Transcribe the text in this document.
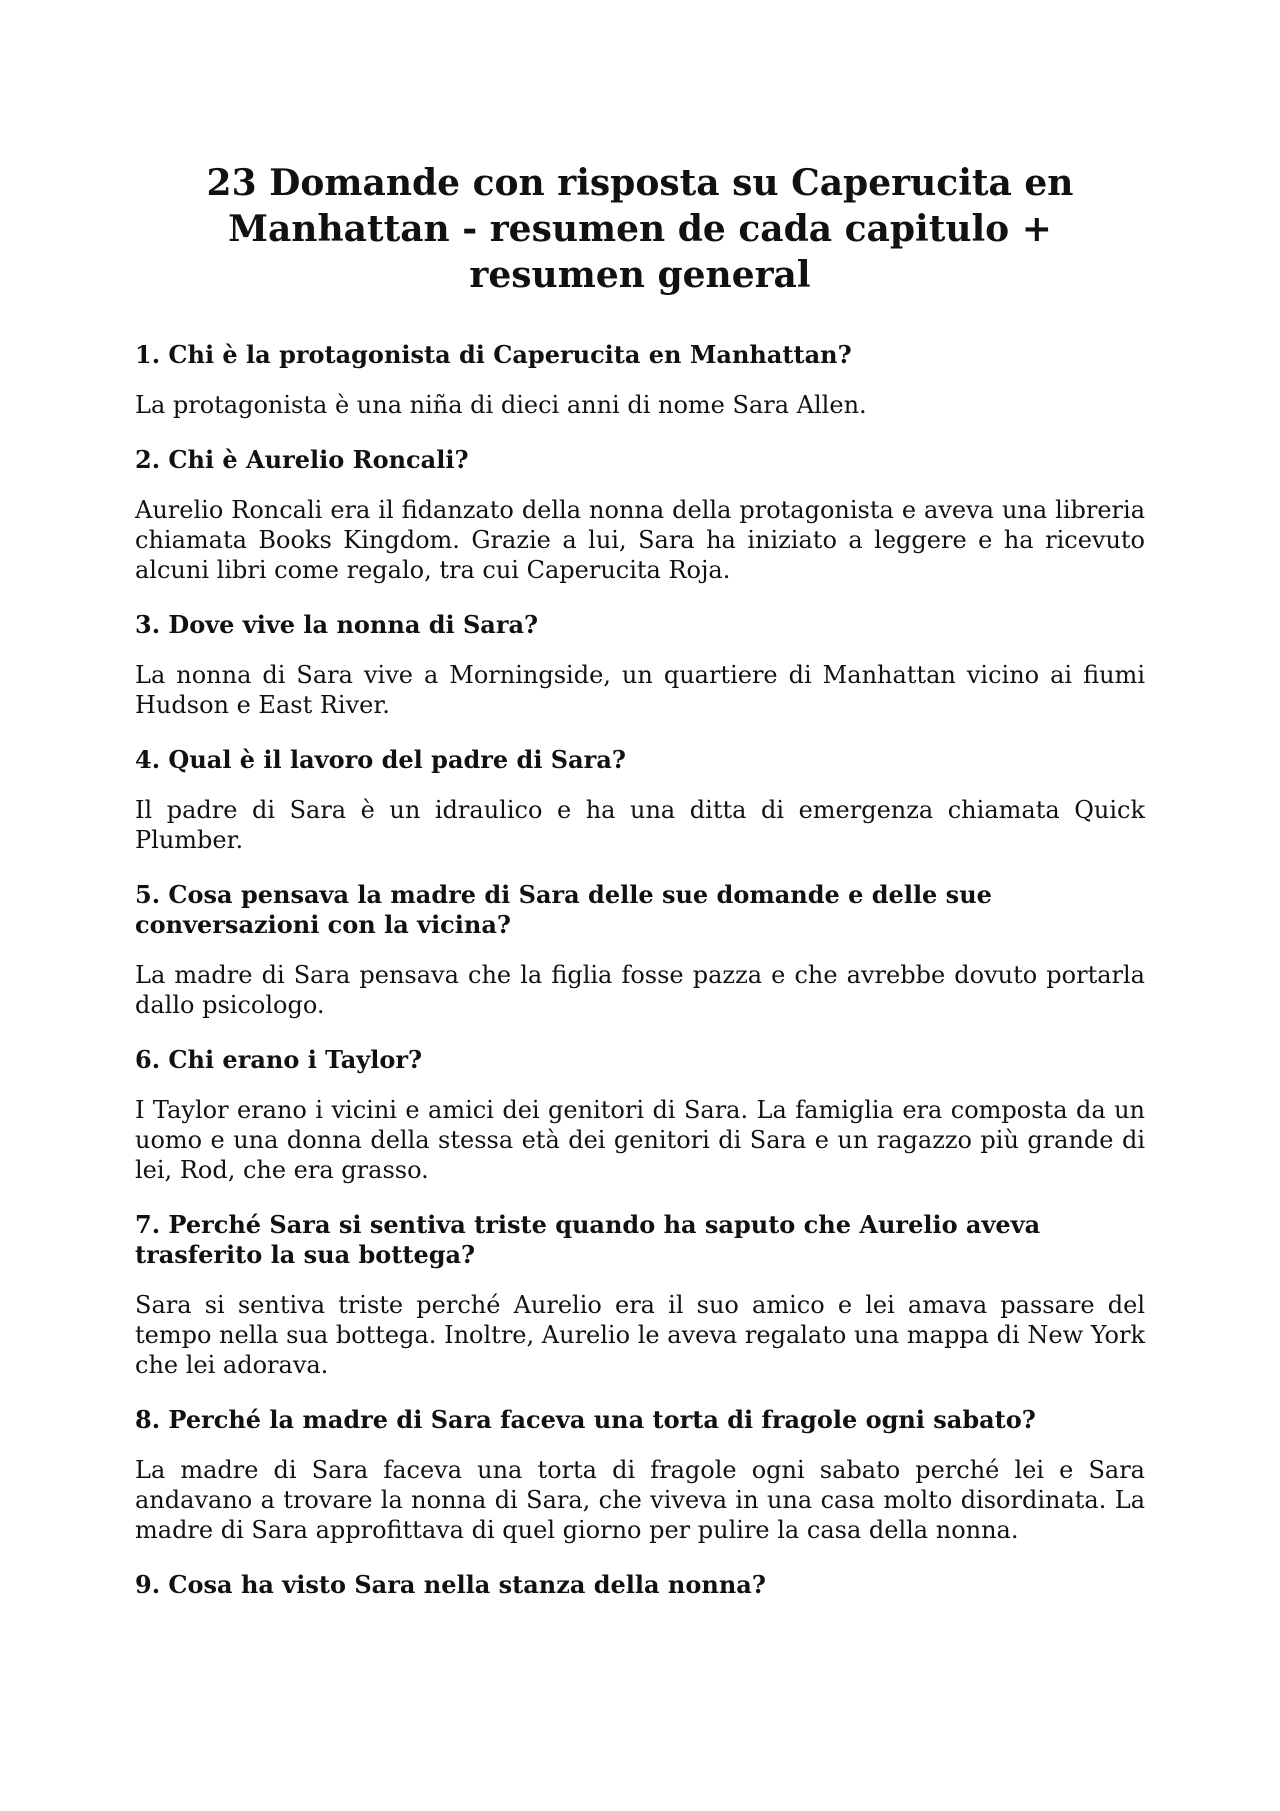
23 Domande con risposta su Caperucita en Manhattan - resumen de cada capitulo + resumen general

1. Chi è la protagonista di Caperucita en Manhattan?

La protagonista è una niña di dieci anni di nome Sara Allen.

2. Chi è Aurelio Roncali?

Aurelio Roncali era il fidanzato della nonna della protagonista e aveva una libreria chiamata Books Kingdom. Grazie a lui, Sara ha iniziato a leggere e ha ricevuto alcuni libri come regalo, tra cui Caperucita Roja.

3. Dove vive la nonna di Sara?

La nonna di Sara vive a Morningside, un quartiere di Manhattan vicino ai fiumi Hudson e East River.

4. Qual è il lavoro del padre di Sara?

Il padre di Sara è un idraulico e ha una ditta di emergenza chiamata Quick Plumber.

5. Cosa pensava la madre di Sara delle sue domande e delle sue conversazioni con la vicina?

La madre di Sara pensava che la figlia fosse pazza e che avrebbe dovuto portarla dallo psicologo.

6. Chi erano i Taylor?

I Taylor erano i vicini e amici dei genitori di Sara. La famiglia era composta da un uomo e una donna della stessa età dei genitori di Sara e un ragazzo più grande di lei, Rod, che era grasso.

7. Perché Sara si sentiva triste quando ha saputo che Aurelio aveva trasferito la sua bottega?

Sara si sentiva triste perché Aurelio era il suo amico e lei amava passare del tempo nella sua bottega. Inoltre, Aurelio le aveva regalato una mappa di New York che lei adorava.

8. Perché la madre di Sara faceva una torta di fragole ogni sabato?

La madre di Sara faceva una torta di fragole ogni sabato perché lei e Sara andavano a trovare la nonna di Sara, che viveva in una casa molto disordinata. La madre di Sara approfittava di quel giorno per pulire la casa della nonna.

9. Cosa ha visto Sara nella stanza della nonna?
